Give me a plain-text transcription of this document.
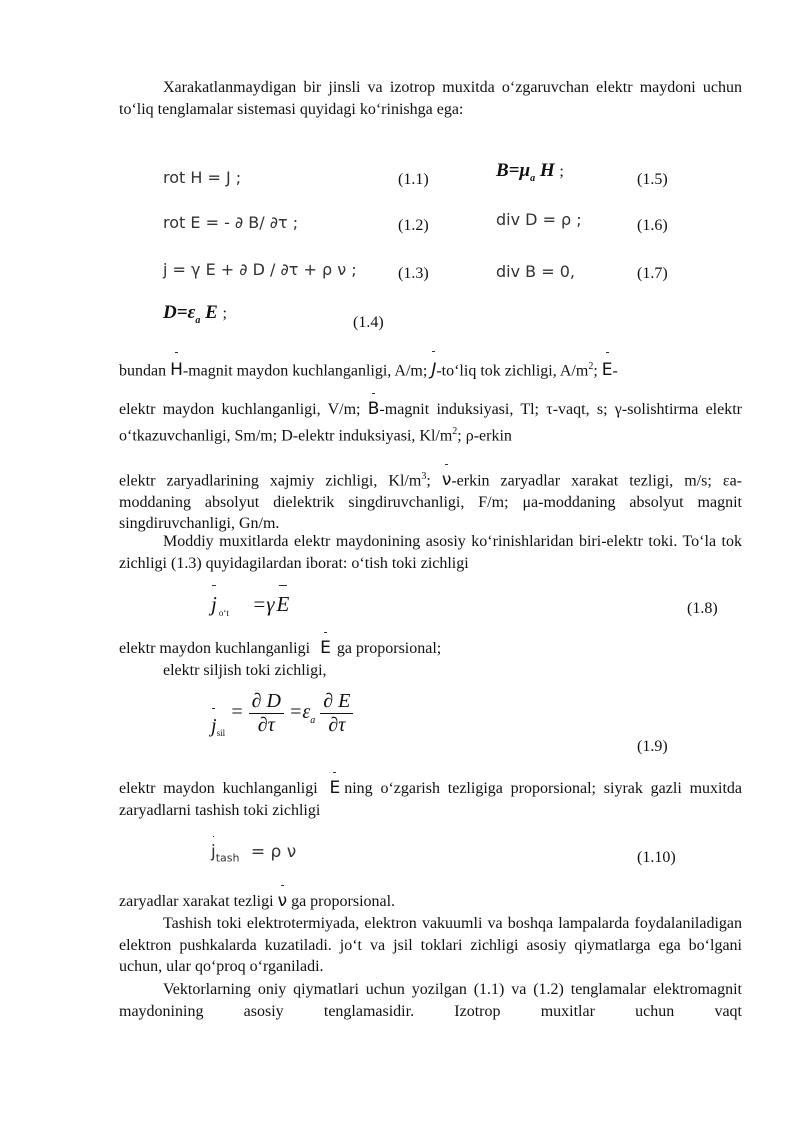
Xarakatlanmaydigan bir jinsli va izotrop muxitda o‘zgaruvchan elektr maydoni uchun to‘liq tenglamalar sistemasi quyidagi ko‘rinishga ega:
rot H = J ;	(1.1)
rot E = - ∂ B/ ∂τ ;	(1.2)
j = γ E + ∂ D / ∂τ + ρ ν ;	(1.3)
$D=\varepsilon_a$ E ;
(1.4)
$B=\mu_a$ H ;	(1.5)
div D = ρ ;	(1.6)
div B = 0,	(1.7)
bundan H-magnit maydon kuchlanganligi, A/m; J-to‘liq tok zichligi, $A/m^2$; E-
elektr maydon kuchlanganligi, V/m; B-magnit induksiyasi, Tl; τ-vaqt, s; γ-solishtirma elektr o‘tkazuvchanligi, Sm/m; D-elektr induksiyasi, $Kl/m^2$; ρ-erkin
elektr zaryadlarining xajmiy zichligi, $Kl/m^3$; ν-erkin zaryadlar xarakat tezligi, m/s; εa-moddaning absolyut dielektrik singdiruvchanligi, F/m; μa-moddaning absolyut magnit singdiruvchanligi, Gn/m.
Moddiy muxitlarda elektr maydonining asosiy ko‘rinishlaridan biri-elektr toki. To‘la tok zichligi (1.3) quyidagilardan iborat: o‘tish toki zichligi
j $_{o‘t}$ =γE	(1.8)
elektr maydon kuchlanganligi E ga proporsional;
elektr siljish toki zichligi,
$j_{sil} = \frac{\partial D}{\partial\tau} =\varepsilon_a \frac{\partial E}{\partial\tau}$
(1.9)
elektr maydon kuchlanganligi E ning o‘zgarish tezligiga proporsional; siyrak gazli muxitda zaryadlarni tashish toki zichligi
$j_{tash} = \rho$ ν	(1.10)
zaryadlar xarakat tezligi ν ga proporsional.
Tashish toki elektrotermiyada, elektron vakuumli va boshqa lampalarda foydalaniladigan elektron pushkalarda kuzatiladi. jo‘t va jsil toklari zichligi asosiy qiymatlarga ega bo‘lgani uchun, ular qo‘proq o‘rganiladi.
Vektorlarning oniy qiymatlari uchun yozilgan (1.1) va (1.2) tenglamalar elektromagnit maydonining asosiy tenglamasidir. Izotrop muxitlar uchun vaqt
